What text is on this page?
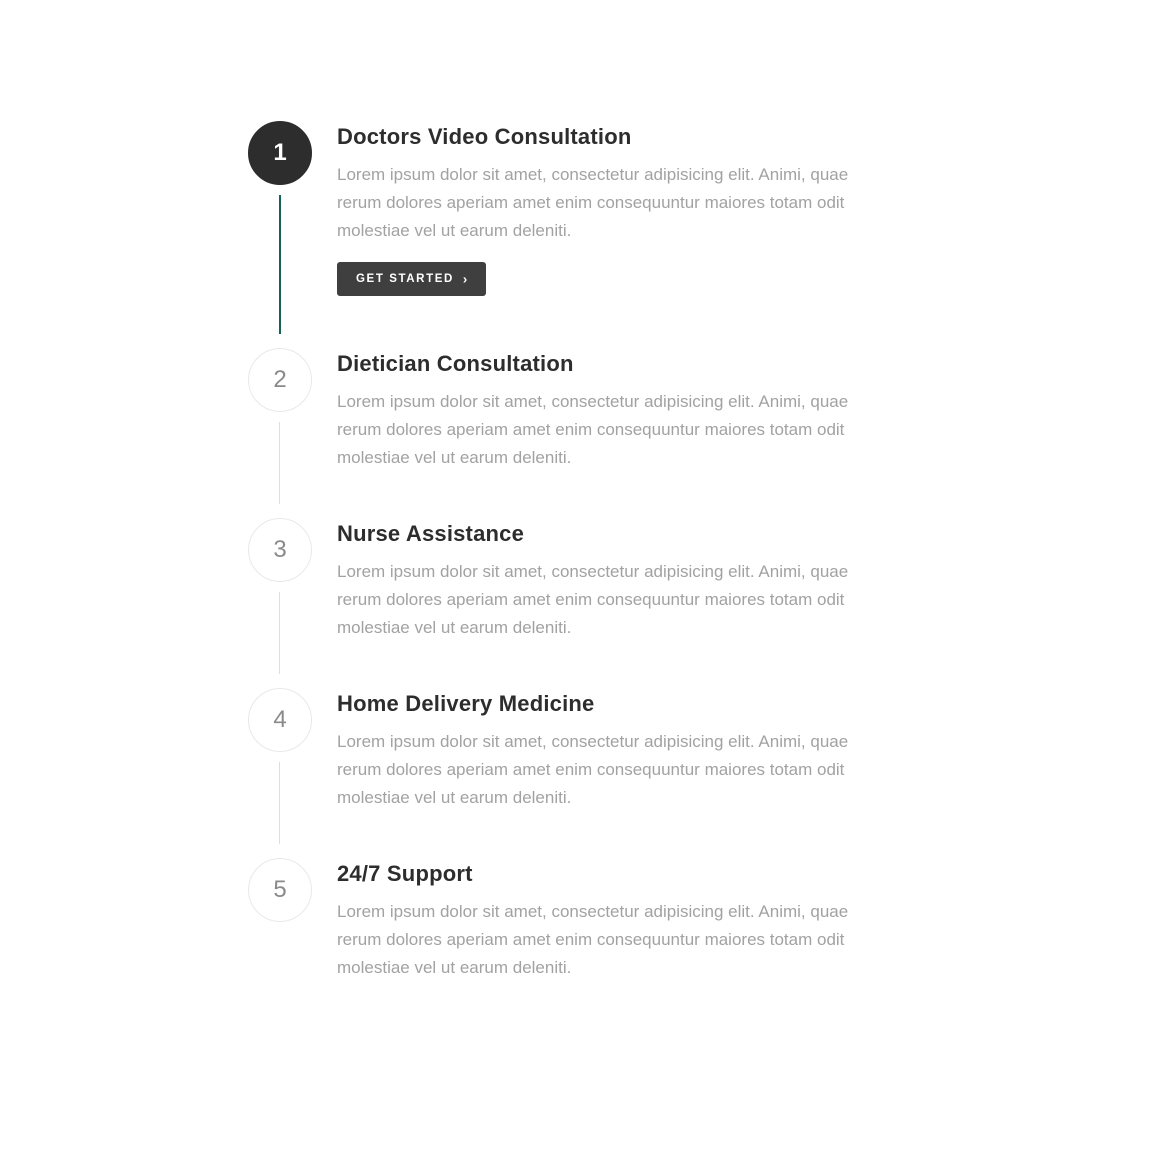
1
Doctors Video Consultation

Lorem ipsum dolor sit amet, consectetur adipisicing elit. Animi, quae rerum dolores aperiam amet enim consequuntur maiores totam odit molestiae vel ut earum deleniti.

GET STARTED ›
2
Dietician Consultation

Lorem ipsum dolor sit amet, consectetur adipisicing elit. Animi, quae rerum dolores aperiam amet enim consequuntur maiores totam odit molestiae vel ut earum deleniti.

3
Nurse Assistance

Lorem ipsum dolor sit amet, consectetur adipisicing elit. Animi, quae rerum dolores aperiam amet enim consequuntur maiores totam odit molestiae vel ut earum deleniti.

4
Home Delivery Medicine

Lorem ipsum dolor sit amet, consectetur adipisicing elit. Animi, quae rerum dolores aperiam amet enim consequuntur maiores totam odit molestiae vel ut earum deleniti.

5
24/7 Support

Lorem ipsum dolor sit amet, consectetur adipisicing elit. Animi, quae rerum dolores aperiam amet enim consequuntur maiores totam odit molestiae vel ut earum deleniti.
